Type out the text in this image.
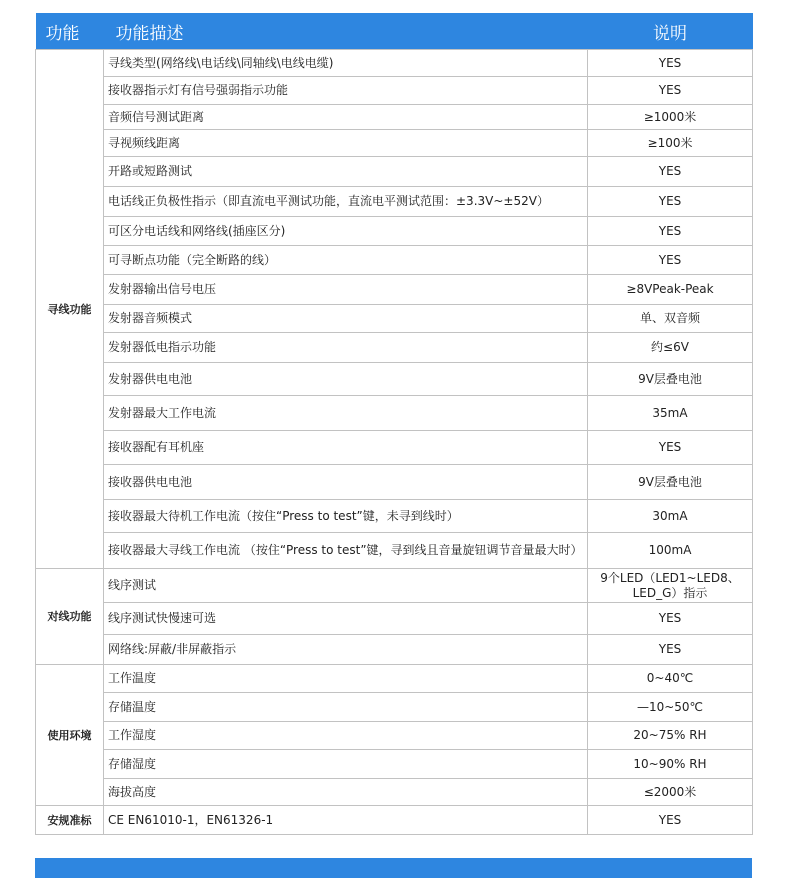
功能	功能描述	说明
寻线功能	寻线类型(网络线\电话线\同轴线\电线电缆)	YES
	接收器指示灯有信号强弱指示功能	YES
	音频信号测试距离	≥1000米
	寻视频线距离	≥100米
	开路或短路测试	YES
	电话线正负极性指示（即直流电平测试功能，直流电平测试范围：±3.3V~±52V）	YES
	可区分电话线和网络线(插座区分)	YES
	可寻断点功能（完全断路的线）	YES
	发射器输出信号电压	≥8VPeak-Peak
	发射器音频模式	单、双音频
	发射器低电指示功能	约≤6V
	发射器供电电池	9V层叠电池
	发射器最大工作电流	35mA
	接收器配有耳机座	YES
	接收器供电电池	9V层叠电池
	接收器最大待机工作电流（按住“Press to test”键，未寻到线时）	30mA
	接收器最大寻线工作电流 （按住“Press to test”键，寻到线且音量旋钮调节音量最大时）	100mA
对线功能	线序测试	9个LED（LED1~LED8、LED_G）指示
	线序测试快慢速可选	YES
	网络线:屏蔽/非屏蔽指示	YES
使用环境	工作温度	0~40℃
	存储温度	—10~50℃
	工作湿度	20~75% RH
	存储湿度	10~90% RH
	海拔高度	≤2000米
安规准标	CE EN61010-1，EN61326-1	YES
